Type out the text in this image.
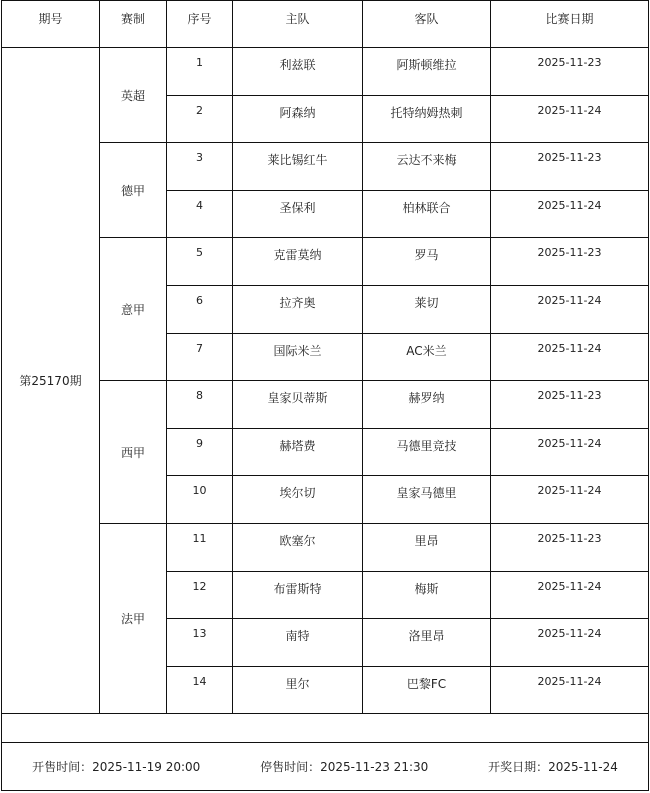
期号	赛制	序号	主队	客队	比赛日期
第25170期	英超	1	利兹联	阿斯顿维拉	2025-11-23
		2	阿森纳	托特纳姆热刺	2025-11-24
	德甲	3	莱比锡红牛	云达不来梅	2025-11-23
		4	圣保利	柏林联合	2025-11-24
	意甲	5	克雷莫纳	罗马	2025-11-23
		6	拉齐奥	莱切	2025-11-24
		7	国际米兰	AC米兰	2025-11-24
	西甲	8	皇家贝蒂斯	赫罗纳	2025-11-23
		9	赫塔费	马德里竞技	2025-11-24
		10	埃尔切	皇家马德里	2025-11-24
	法甲	11	欧塞尔	里昂	2025-11-23
		12	布雷斯特	梅斯	2025-11-24
		13	南特	洛里昂	2025-11-24
		14	里尔	巴黎FC	2025-11-24

开售时间：2025-11-19 20:00 停售时间：2025-11-23 21:30 开奖日期：2025-11-24					
